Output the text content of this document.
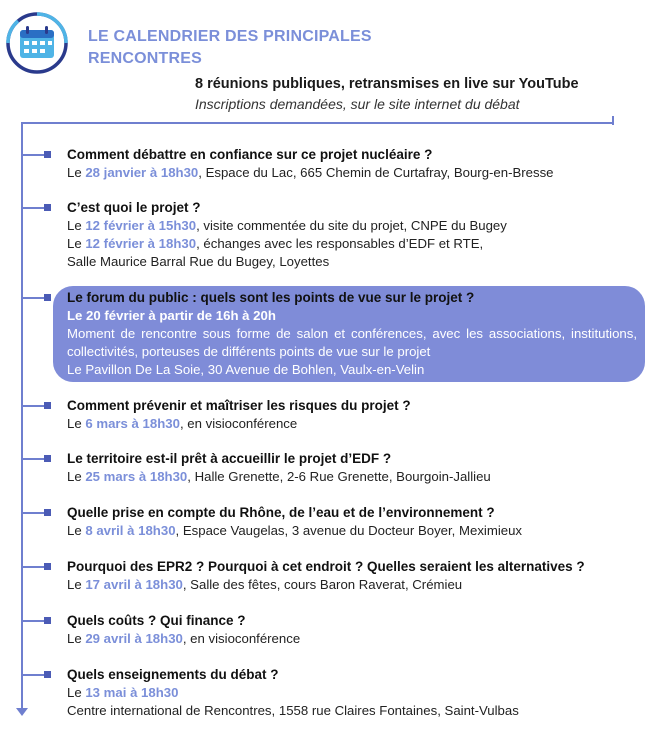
LE CALENDRIER DES PRINCIPALES RENCONTRES
8 réunions publiques, retransmises en live sur YouTube
Inscriptions demandées, sur le site internet du débat
Comment débattre en confiance sur ce projet nucléaire ?
Le 28 janvier à 18h30, Espace du Lac, 665 Chemin de Curtafray, Bourg-en-Bresse
C’est quoi le projet ?
Le 12 février à 15h30, visite commentée du site du projet, CNPE du Bugey
Le 12 février à 18h30, échanges avec les responsables d’EDF et RTE,
Salle Maurice Barral Rue du Bugey, Loyettes
Le forum du public : quels sont les points de vue sur le projet ?
Le 20 février à partir de 16h à 20h
Moment de rencontre sous forme de salon et conférences, avec les associations, institutions, collectivités, porteuses de différents points de vue sur le projet
Le Pavillon De La Soie, 30 Avenue de Bohlen, Vaulx-en-Velin
Comment prévenir et maîtriser les risques du projet ?
Le 6 mars à 18h30, en visioconférence
Le territoire est-il prêt à accueillir le projet d’EDF ?
Le 25 mars à 18h30, Halle Grenette, 2-6 Rue Grenette, Bourgoin-Jallieu
Quelle prise en compte du Rhône, de l’eau et de l’environnement ?
Le 8 avril à 18h30, Espace Vaugelas, 3 avenue du Docteur Boyer, Meximieux
Pourquoi des EPR2 ? Pourquoi à cet endroit ? Quelles seraient les alternatives ?
Le 17 avril à 18h30, Salle des fêtes, cours Baron Raverat, Crémieu
Quels coûts ? Qui finance ?
Le 29 avril à 18h30, en visioconférence
Quels enseignements du débat ?
Le 13 mai à 18h30
Centre international de Rencontres, 1558 rue Claires Fontaines, Saint-Vulbas
